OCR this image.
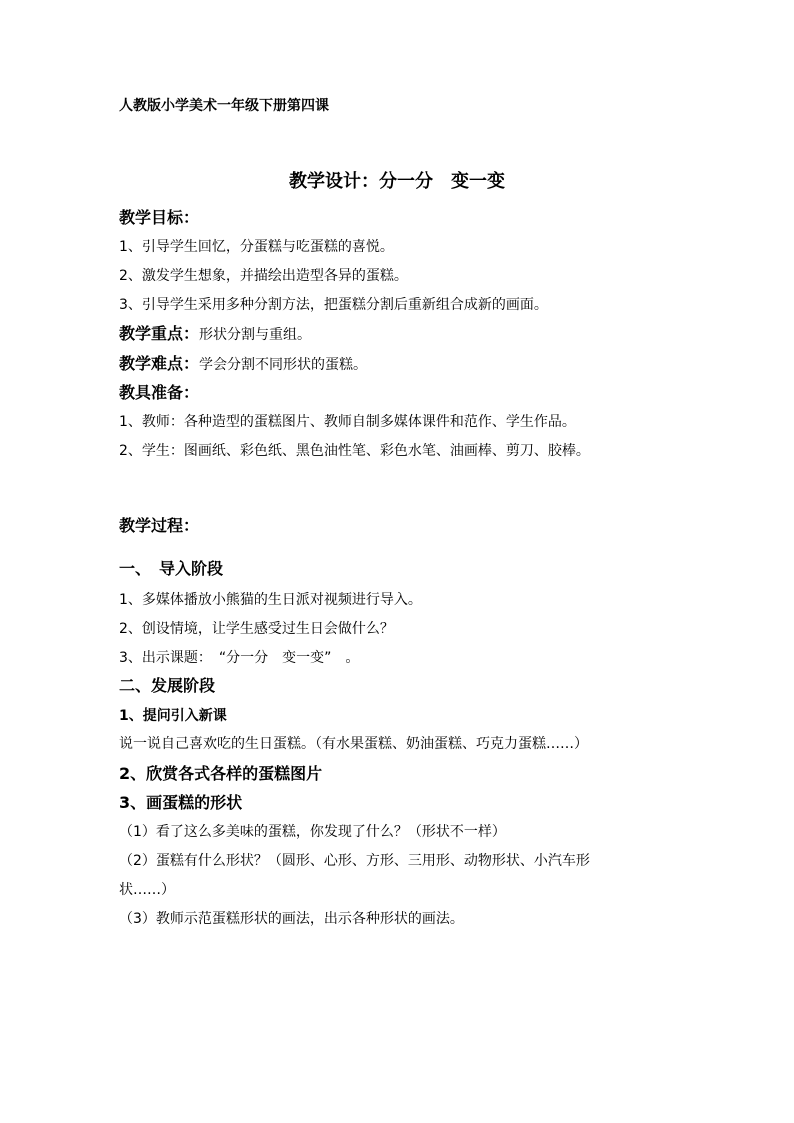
人教版小学美术一年级下册第四课
教学设计：分一分　变一变
教学目标：
1、引导学生回忆，分蛋糕与吃蛋糕的喜悦。
2、激发学生想象，并描绘出造型各异的蛋糕。
3、引导学生采用多种分割方法，把蛋糕分割后重新组合成新的画面。
教学重点：形状分割与重组。
教学难点：学会分割不同形状的蛋糕。
教具准备：
1、教师：各种造型的蛋糕图片、教师自制多媒体课件和范作、学生作品。
2、学生：图画纸、彩色纸、黑色油性笔、彩色水笔、油画棒、剪刀、胶棒。
教学过程：
一、　导入阶段
1、多媒体播放小熊猫的生日派对视频进行导入。
2、创设情境，让学生感受过生日会做什么？
3、出示课题：　“分一分　变一变”　。
二、发展阶段
1、提问引入新课
说一说自己喜欢吃的生日蛋糕。（有水果蛋糕、奶油蛋糕、巧克力蛋糕……）
2、欣赏各式各样的蛋糕图片
3、画蛋糕的形状
（1）看了这么多美味的蛋糕，你发现了什么？（形状不一样）
（2）蛋糕有什么形状？（圆形、心形、方形、三用形、动物形状、小汽车形
状……）
（3）教师示范蛋糕形状的画法，出示各种形状的画法。
